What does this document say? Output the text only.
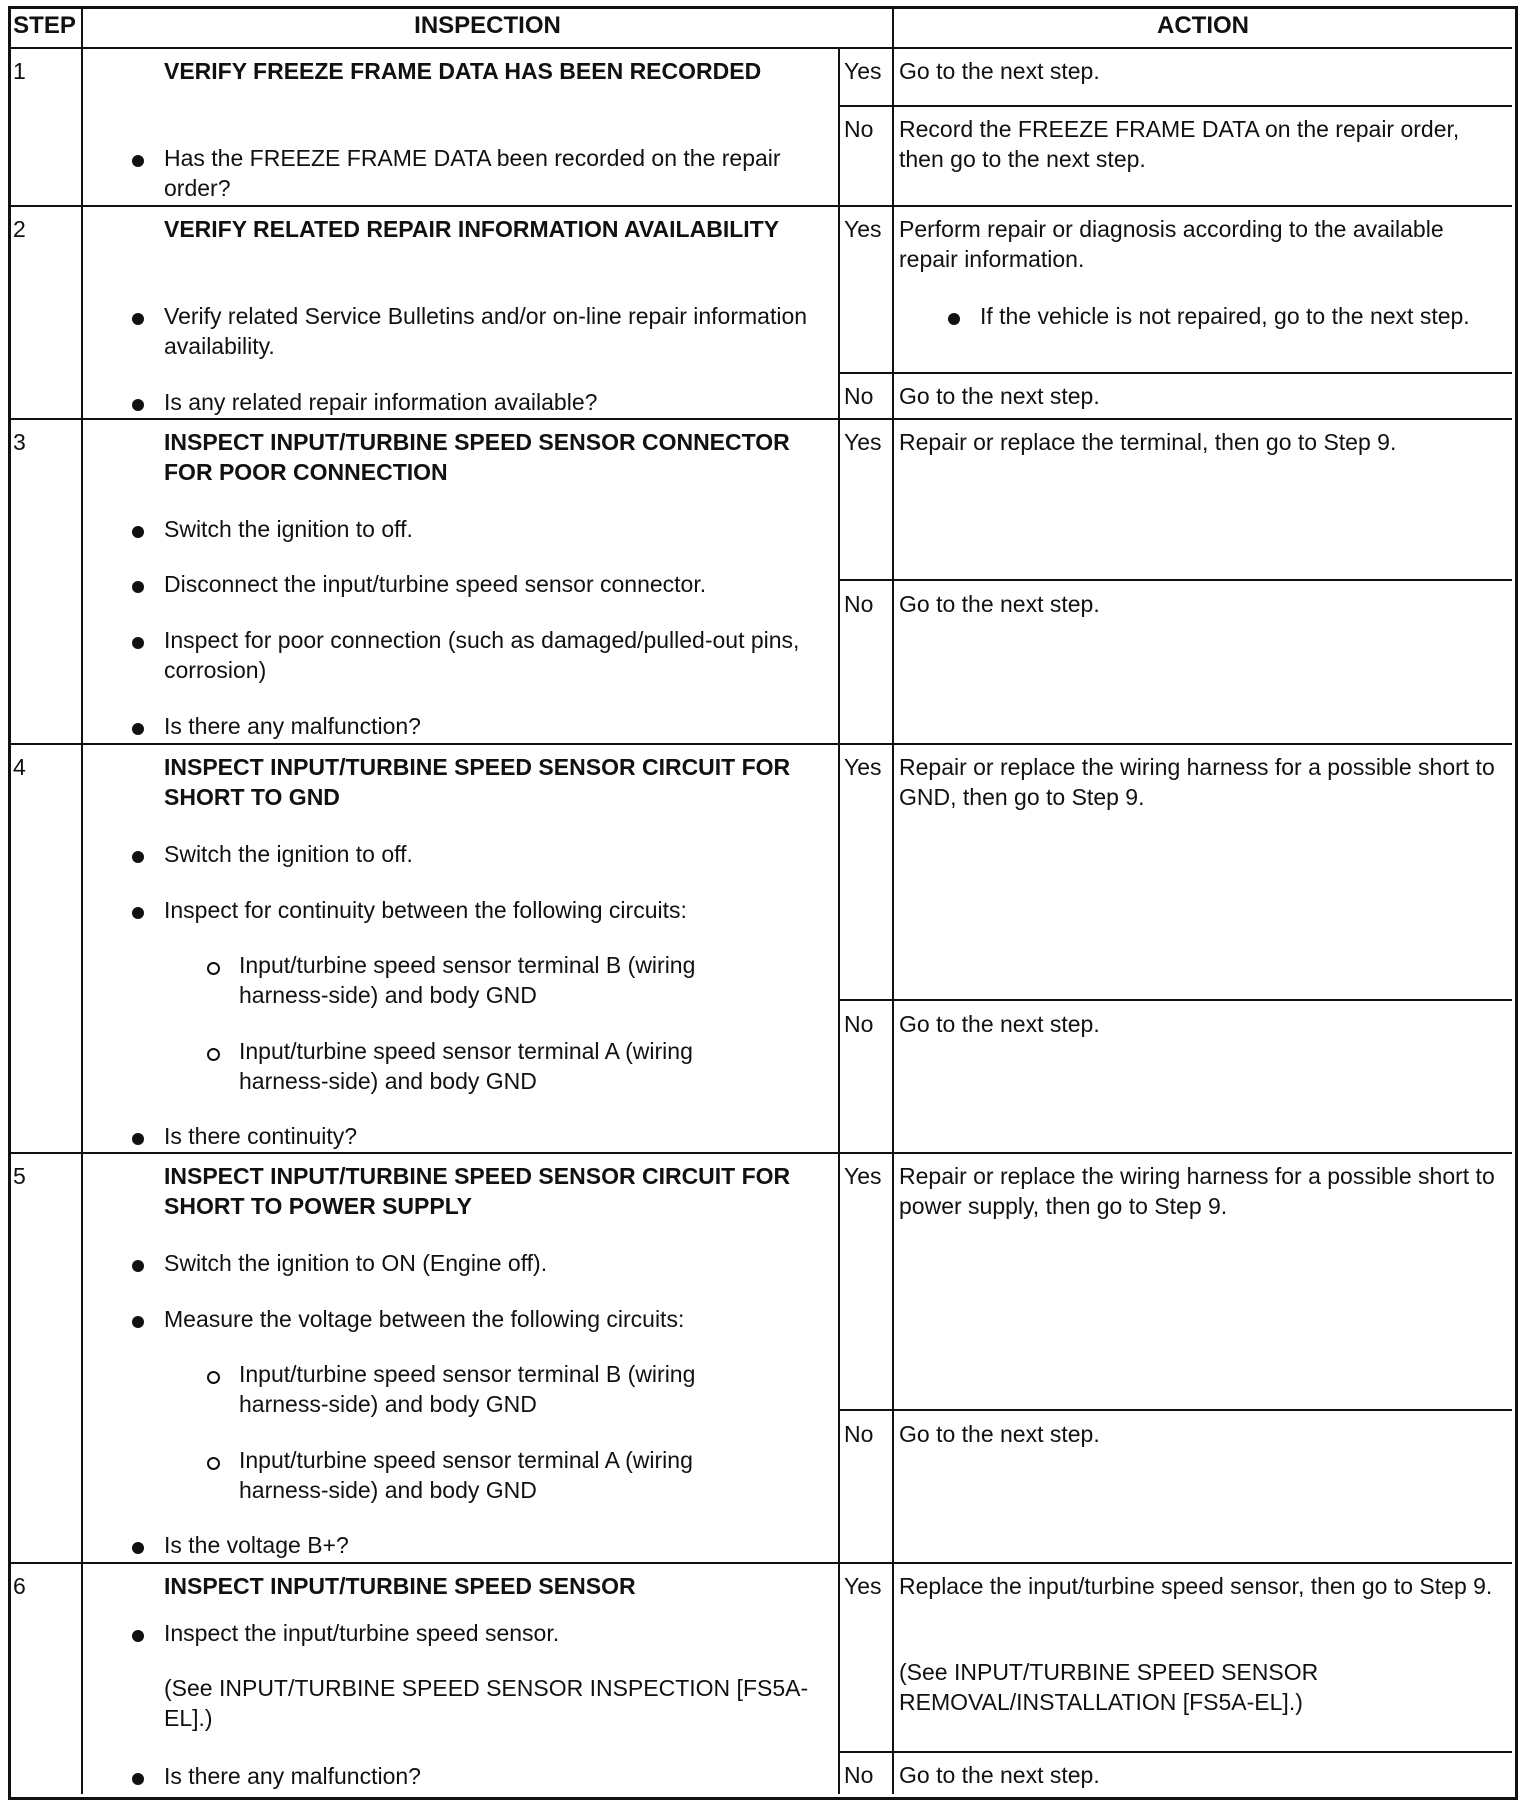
STEP	INSPECTION	ACTION
1	VERIFY FREEZE FRAME DATA HAS BEEN RECORDED
Has the FREEZE FRAME DATA been recorded on the repair order?
Yes Go to the next step.
No Record the FREEZE FRAME DATA on the repair order, then go to the next step.
2	VERIFY RELATED REPAIR INFORMATION AVAILABILITY
Verify related Service Bulletins and/or on-line repair information availability.
Is any related repair information available?
Yes Perform repair or diagnosis according to the available repair information.
If the vehicle is not repaired, go to the next step.
No Go to the next step.
3	INSPECT INPUT/TURBINE SPEED SENSOR CONNECTOR FOR POOR CONNECTION
Switch the ignition to off.
Disconnect the input/turbine speed sensor connector.
Inspect for poor connection (such as damaged/pulled-out pins, corrosion)
Is there any malfunction?
Yes Repair or replace the terminal, then go to Step 9.
No Go to the next step.
4	INSPECT INPUT/TURBINE SPEED SENSOR CIRCUIT FOR SHORT TO GND
Switch the ignition to off.
Inspect for continuity between the following circuits:
Input/turbine speed sensor terminal B (wiring harness-side) and body GND
Input/turbine speed sensor terminal A (wiring harness-side) and body GND
Is there continuity?
Yes Repair or replace the wiring harness for a possible short to GND, then go to Step 9.
No Go to the next step.
5	INSPECT INPUT/TURBINE SPEED SENSOR CIRCUIT FOR SHORT TO POWER SUPPLY
Switch the ignition to ON (Engine off).
Measure the voltage between the following circuits:
Input/turbine speed sensor terminal B (wiring harness-side) and body GND
Input/turbine speed sensor terminal A (wiring harness-side) and body GND
Is the voltage B+?
Yes Repair or replace the wiring harness for a possible short to power supply, then go to Step 9.
No Go to the next step.
6	INSPECT INPUT/TURBINE SPEED SENSOR
Inspect the input/turbine speed sensor.
(See INPUT/TURBINE SPEED SENSOR INSPECTION [FS5A-EL].)
Is there any malfunction?
Yes Replace the input/turbine speed sensor, then go to Step 9.
(See INPUT/TURBINE SPEED SENSOR REMOVAL/INSTALLATION [FS5A-EL].)
No Go to the next step.
